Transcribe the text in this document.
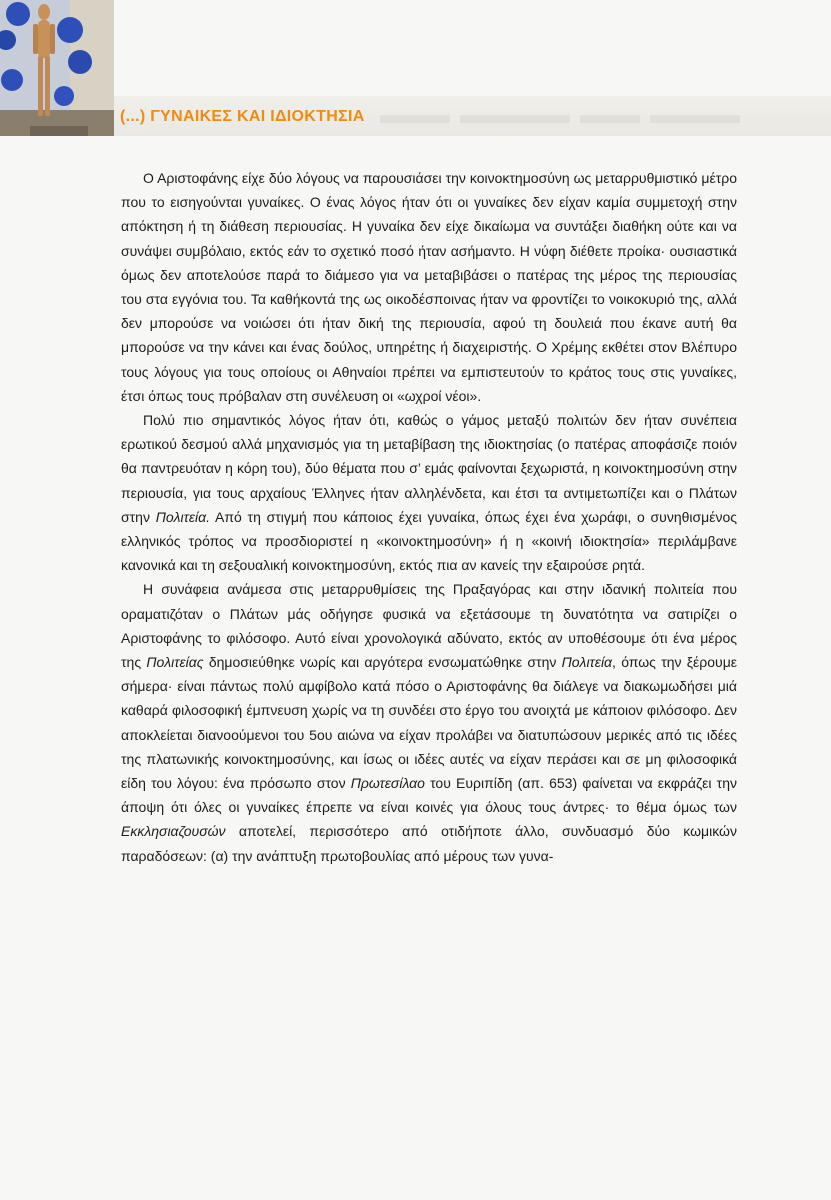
(...) ΓΥΝΑΙΚΕΣ ΚΑΙ ΙΔΙΟΚΤΗΣΙΑ

Ο Αριστοφάνης είχε δύο λόγους να παρουσιάσει την κοινοκτημοσύνη ως μεταρρυθμιστικό μέτρο που το εισηγούνται γυναίκες. Ο ένας λόγος ήταν ότι οι γυναίκες δεν είχαν καμία συμμετοχή στην απόκτηση ή τη διάθεση περιουσίας. Η γυναίκα δεν είχε δικαίωμα να συντάξει διαθήκη ούτε και να συνάψει συμβόλαιο, εκτός εάν το σχετικό ποσό ήταν ασήμαντο. Η νύφη διέθετε προίκα· ουσιαστικά όμως δεν αποτελούσε παρά το διάμεσο για να μεταβιβάσει ο πατέρας της μέρος της περιουσίας του στα εγγόνια του. Τα καθήκοντά της ως οικοδέσποινας ήταν να φροντίζει το νοικοκυριό της, αλλά δεν μπορούσε να νοιώσει ότι ήταν δική της περιουσία, αφού τη δουλειά που έκανε αυτή θα μπορούσε να την κάνει και ένας δούλος, υπηρέτης ή διαχειριστής. Ο Χρέμης εκθέτει στον Βλέπυρο τους λόγους για τους οποίους οι Αθηναίοι πρέπει να εμπιστευτούν το κράτος τους στις γυναίκες, έτσι όπως τους πρόβαλαν στη συνέλευση οι «ωχροί νέοι».

Πολύ πιο σημαντικός λόγος ήταν ότι, καθώς ο γάμος μεταξύ πολιτών δεν ήταν συνέπεια ερωτικού δεσμού αλλά μηχανισμός για τη μεταβίβαση της ιδιοκτησίας (ο πατέρας αποφάσιζε ποιόν θα παντρευόταν η κόρη του), δύο θέματα που σ’ εμάς φαίνονται ξεχωριστά, η κοινοκτημοσύνη στην περιουσία, για τους αρχαίους Έλληνες ήταν αλληλένδετα, και έτσι τα αντιμετωπίζει και ο Πλάτων στην Πολιτεία. Από τη στιγμή που κάποιος έχει γυναίκα, όπως έχει ένα χωράφι, ο συνηθισμένος ελληνικός τρόπος να προσδιοριστεί η «κοινοκτημοσύνη» ή η «κοινή ιδιοκτησία» περιλάμβανε κανονικά και τη σεξουαλική κοινοκτημοσύνη, εκτός πια αν κανείς την εξαιρούσε ρητά.

Η συνάφεια ανάμεσα στις μεταρρυθμίσεις της Πραξαγόρας και στην ιδανική πολιτεία που οραματιζόταν ο Πλάτων μάς οδήγησε φυσικά να εξετάσουμε τη δυνατότητα να σατιρίζει ο Αριστοφάνης το φιλόσοφο. Αυτό είναι χρονολογικά αδύνατο, εκτός αν υποθέσουμε ότι ένα μέρος της Πολιτείας δημοσιεύθηκε νωρίς και αργότερα ενσωματώθηκε στην Πολιτεία, όπως την ξέρουμε σήμερα· είναι πάντως πολύ αμφίβολο κατά πόσο ο Αριστοφάνης θα διάλεγε να διακωμωδήσει μιά καθαρά φιλοσοφική έμπνευση χωρίς να τη συνδέει στο έργο του ανοιχτά με κάποιον φιλόσοφο. Δεν αποκλείεται διανοούμενοι του 5ου αιώνα να είχαν προλάβει να διατυπώσουν μερικές από τις ιδέες της πλατωνικής κοινοκτημοσύνης, και ίσως οι ιδέες αυτές να είχαν περάσει και σε μη φιλοσοφικά είδη του λόγου: ένα πρόσωπο στον Πρωτεσίλαο του Ευριπίδη (απ. 653) φαίνεται να εκφράζει την άποψη ότι όλες οι γυναίκες έπρεπε να είναι κοινές για όλους τους άντρες· το θέμα όμως των Εκκλησιαζουσών αποτελεί, περισσότερο από οτιδήποτε άλλο, συνδυασμό δύο κωμικών παραδόσεων: (α) την ανάπτυξη πρωτοβουλίας από μέρους των γυνα-
